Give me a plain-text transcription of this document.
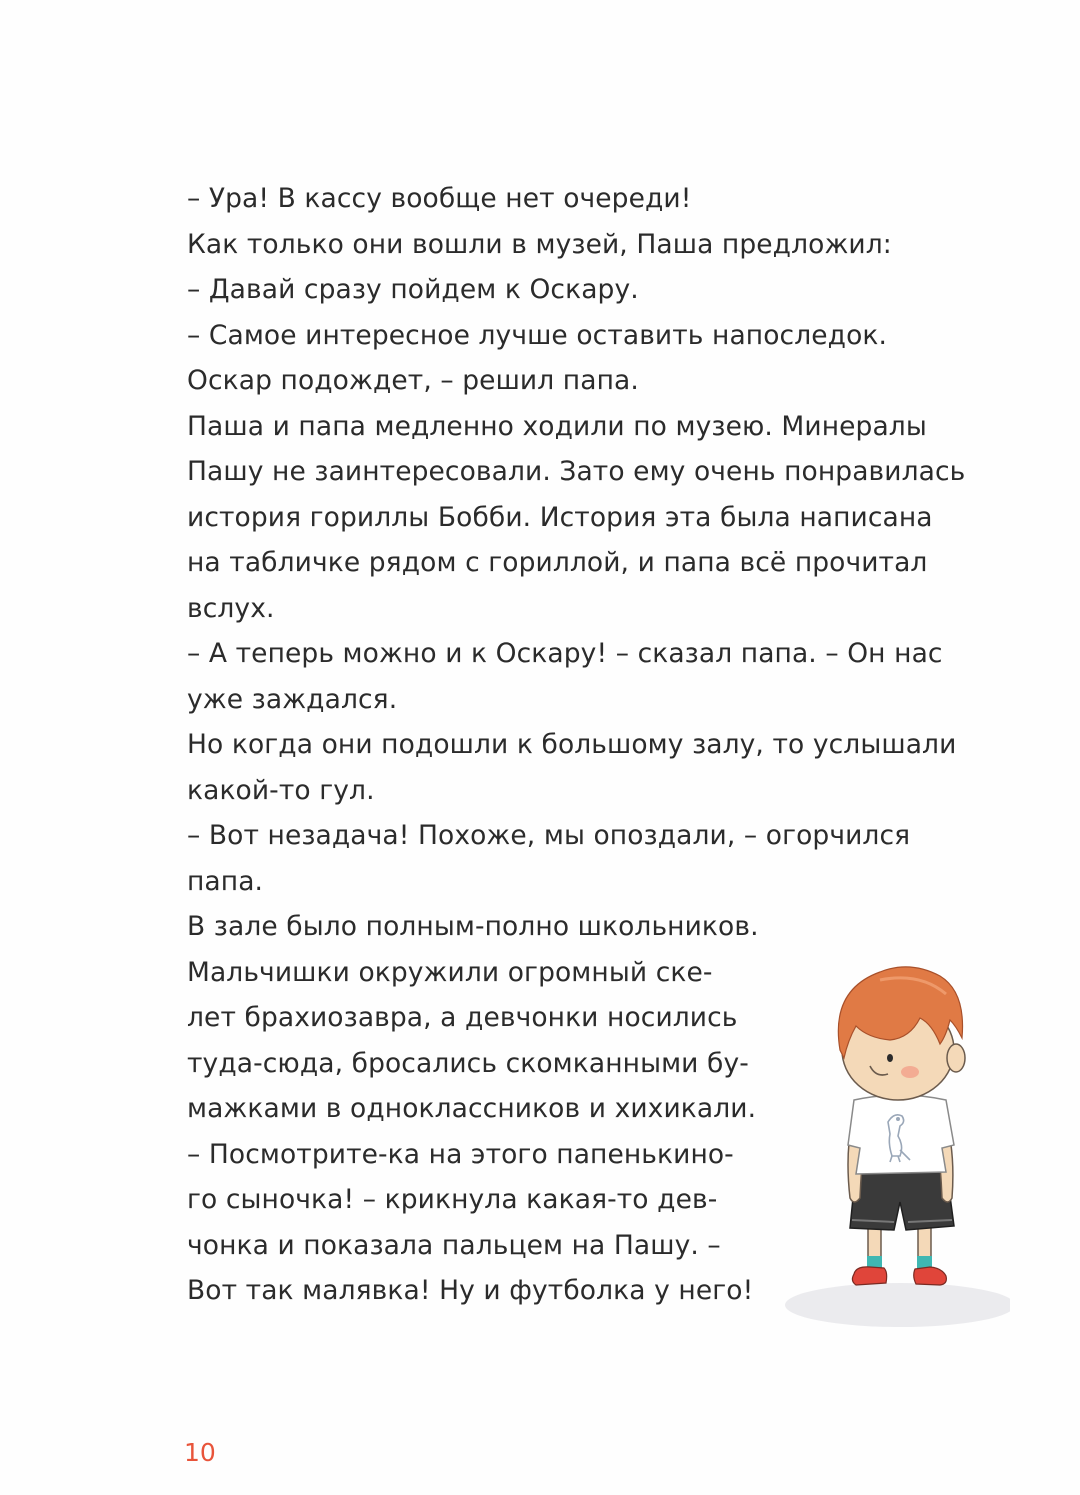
– Ура! В кассу вообще нет очереди!
Как только они вошли в музей, Паша предложил:
– Давай сразу пойдем к Оскару.
– Самое интересное лучше оставить напоследок.
Оскар подождет, – решил папа.
Паша и папа медленно ходили по музею. Минералы
Пашу не заинтересовали. Зато ему очень понравилась
история гориллы Бобби. История эта была написана
на табличке рядом с гориллой, и папа всё прочитал
вслух.
– А теперь можно и к Оскару! – сказал папа. – Он нас
уже заждался.
Но когда они подошли к большому залу, то услышали
какой-то гул.
– Вот незадача! Похоже, мы опоздали, – огорчился
папа.
В зале было полным-полно школьников.
Мальчишки окружили огромный ске-
лет брахиозавра, а девчонки носились
туда-сюда, бросались скомканными бу-
мажками в одноклассников и хихикали.
– Посмотрите-ка на этого папенькино-
го сыночка! – крикнула какая-то дев-
чонка и показала пальцем на Пашу. –
Вот так малявка! Ну и футболка у него!
10
